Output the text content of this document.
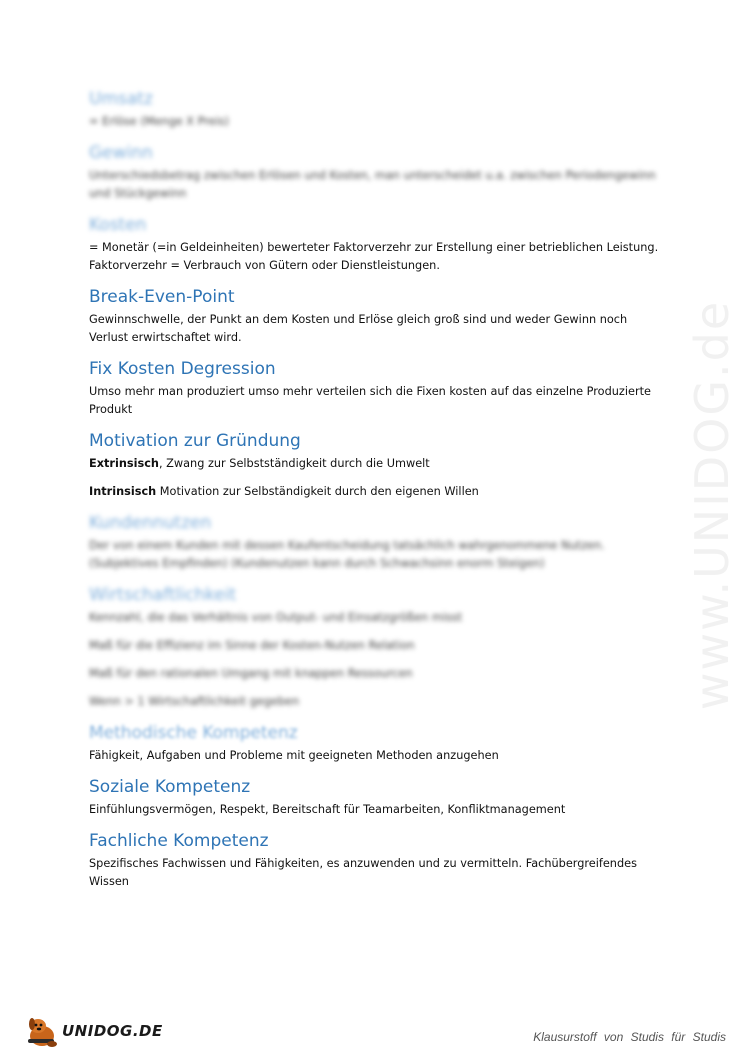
www.UNIDOG.de
Umsatz

= Erlöse (Menge X Preis)

Gewinn

Unterschiedsbetrag zwischen Erlösen und Kosten, man unterscheidet u.a. zwischen Periodengewinn und Stückgewinn

Kosten

= Monetär (=in Geldeinheiten) bewerteter Faktorverzehr zur Erstellung einer betrieblichen Leistung. Faktorverzehr = Verbrauch von Gütern oder Dienstleistungen.

Break-Even-Point

Gewinnschwelle, der Punkt an dem Kosten und Erlöse gleich groß sind und weder Gewinn noch Verlust erwirtschaftet wird.

Fix Kosten Degression

Umso mehr man produziert umso mehr verteilen sich die Fixen kosten auf das einzelne Produzierte Produkt

Motivation zur Gründung

Extrinsisch, Zwang zur Selbstständigkeit durch die Umwelt

Intrinsisch Motivation zur Selbständigkeit durch den eigenen Willen

Kundennutzen

Der von einem Kunden mit dessen Kaufentscheidung tatsächlich wahrgenommene Nutzen. (Subjektives Empfinden) (Kundenutzen kann durch Schwachsinn enorm Steigen)

Wirtschaftlichkeit

Kennzahl, die das Verhältnis von Output- und Einsatzgrößen misst

Maß für die Effizienz im Sinne der Kosten-Nutzen Relation

Maß für den rationalen Umgang mit knappen Ressourcen

Wenn > 1 Wirtschaftlichkeit gegeben

Methodische Kompetenz

Fähigkeit, Aufgaben und Probleme mit geeigneten Methoden anzugehen

Soziale Kompetenz

Einfühlungsvermögen, Respekt, Bereitschaft für Teamarbeiten, Konfliktmanagement

Fachliche Kompetenz

Spezifisches Fachwissen und Fähigkeiten, es anzuwenden und zu vermitteln. Fachübergreifendes Wissen

UNIDOG.DE	Klausurstoff von Studis für Studis
